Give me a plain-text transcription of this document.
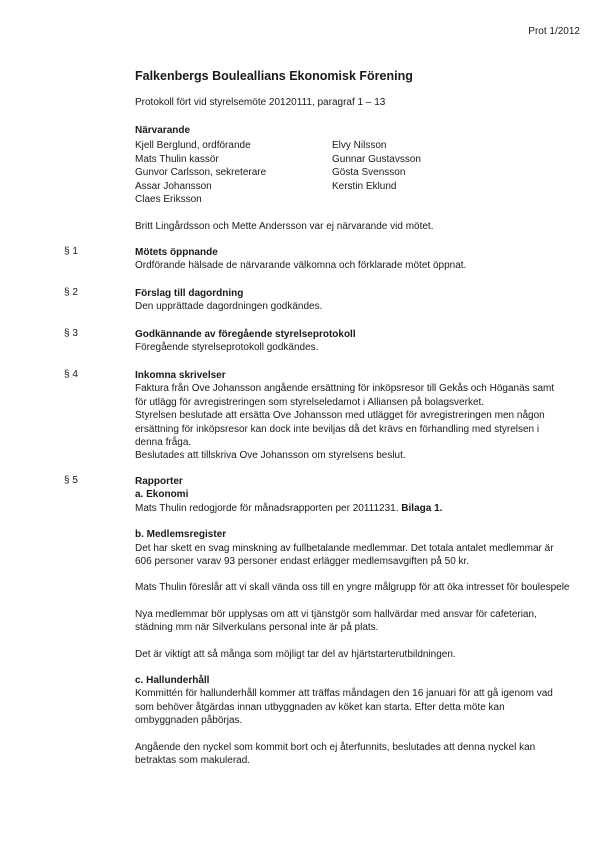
Prot 1/2012
Falkenbergs Bouleallians Ekonomisk Förening
Protokoll fört vid styrelsemöte 20120111, paragraf 1 – 13
Närvarande
Kjell Berglund, ordförande
Mats Thulin kassör
Gunvor Carlsson, sekreterare
Assar Johansson
Claes Eriksson
Elvy Nilsson
Gunnar Gustavsson
Gösta Svensson
Kerstin Eklund
Britt Lingårdsson och Mette Andersson var ej närvarande vid mötet.
§ 1	Mötets öppnande
Ordförande hälsade de närvarande välkomna och förklarade mötet öppnat.
§ 2	Förslag till dagordning
Den upprättade dagordningen godkändes.
§ 3	Godkännande av föregående styrelseprotokoll
Föregående styrelseprotokoll godkändes.
§ 4	Inkomna skrivelser
Faktura från Ove Johansson angående ersättning för inköpsresor till Gekås och Höganäs samt
för utlägg för avregistreringen som styrelseledamot i Alliansen på bolagsverket.
Styrelsen beslutade att ersätta Ove Johansson med utlägget för avregistreringen men någon
ersättning för inköpsresor kan dock inte beviljas då det krävs en förhandling med styrelsen i
denna fråga.
Beslutades att tillskriva Ove Johansson om styrelsens beslut.
§ 5	Rapporter
a. Ekonomi
Mats Thulin redogjorde för månadsrapporten per 20111231. Bilaga 1.
b. Medlemsregister
Det har skett en svag minskning av fullbetalande medlemmar. Det totala antalet medlemmar är
606 personer varav 93 personer endast erlägger medlemsavgiften på 50 kr.
Mats Thulin föreslår att vi skall vända oss till en yngre målgrupp för att öka intresset för boulespele
Nya medlemmar bör upplysas om att vi tjänstgör som hallvärdar med ansvar för cafeterian,
städning mm när Silverkulans personal inte är på plats.
Det är viktigt att så många som möjligt tar del av hjärtstarterutbildningen.
c. Hallunderhåll
Kommittén för hallunderhåll kommer att träffas måndagen den 16 januari för att gå igenom vad
som behöver åtgärdas innan utbyggnaden av köket kan starta. Efter detta möte kan
ombyggnaden påbörjas.
Angående den nyckel som kommit bort och ej återfunnits, beslutades att denna nyckel kan
betraktas som makulerad.
